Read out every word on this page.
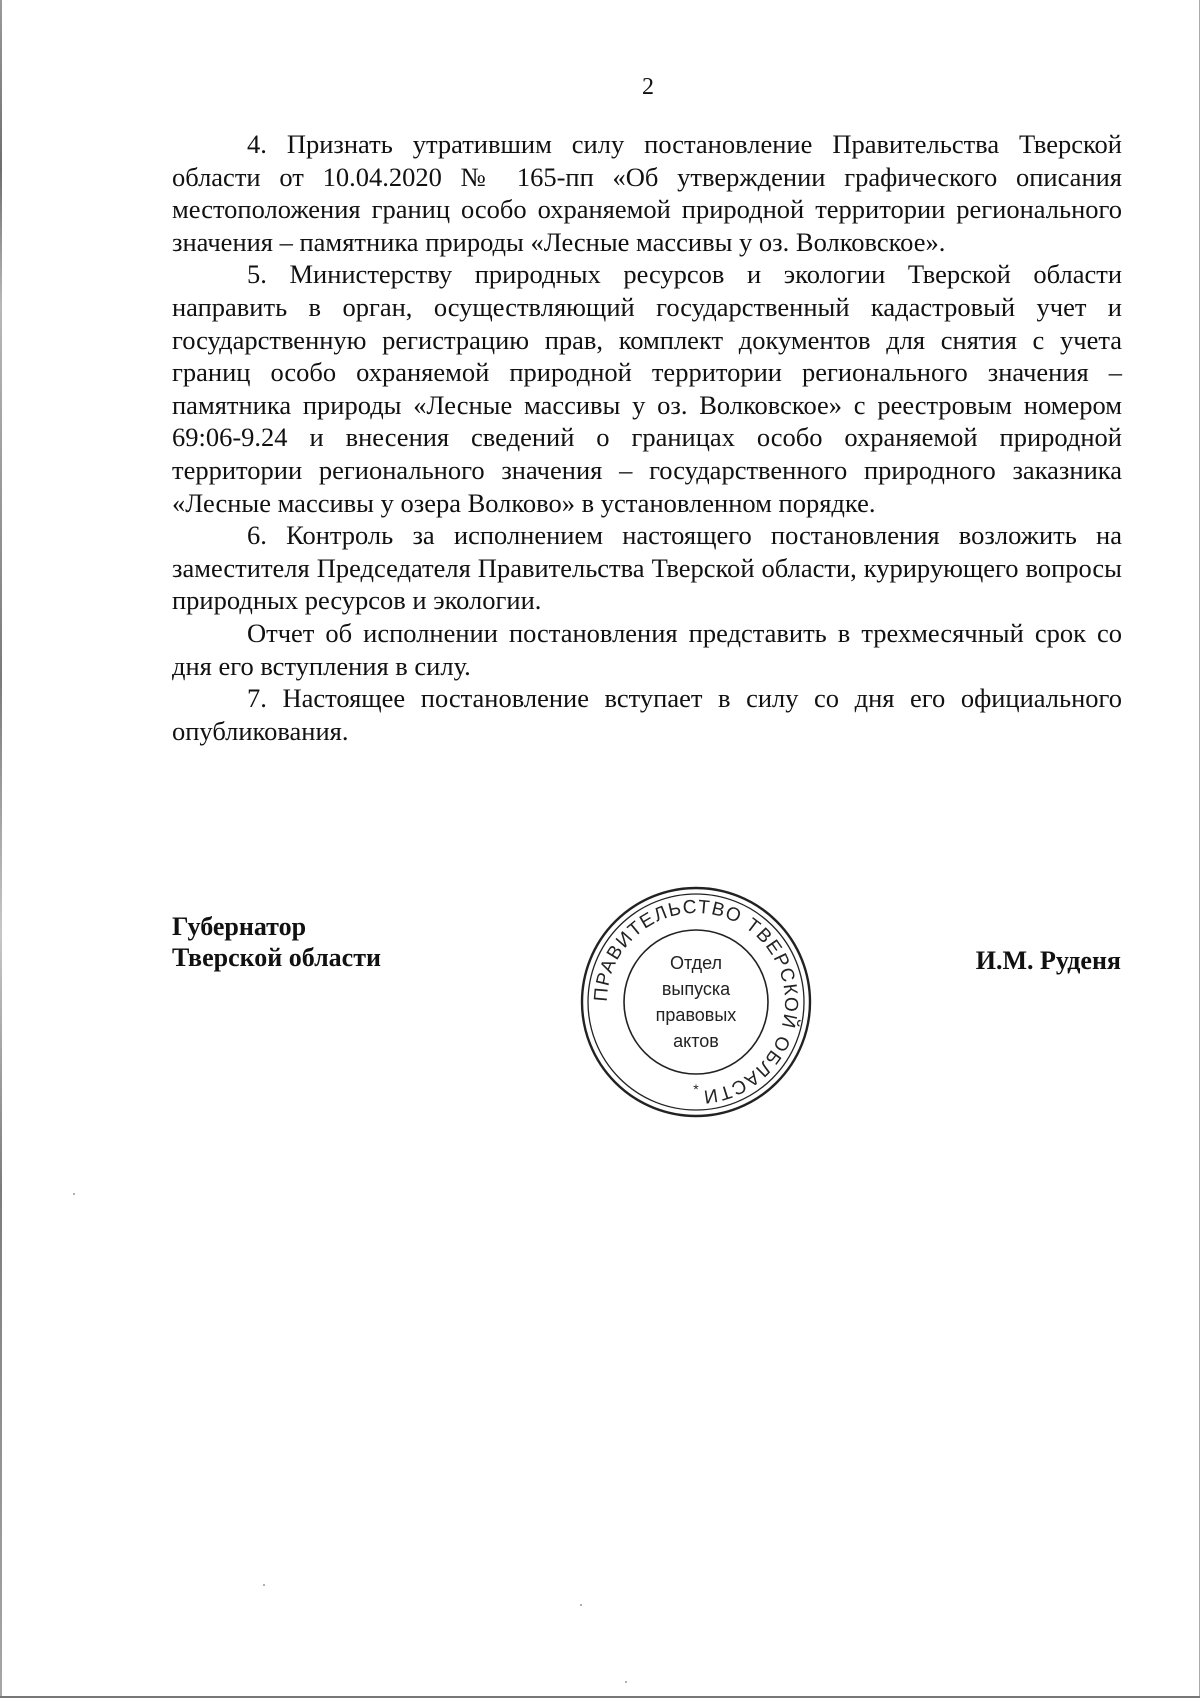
2

4. Признать утратившим силу постановление Правительства Тверской области от 10.04.2020 № 165-пп «Об утверждении графического описания местоположения границ особо охраняемой природной территории регионального значения – памятника природы «Лесные массивы у оз. Волковское».

5. Министерству природных ресурсов и экологии Тверской области направить в орган, осуществляющий государственный кадастровый учет и государственную регистрацию прав, комплект документов для снятия с учета границ особо охраняемой природной территории регионального значения – памятника природы «Лесные массивы у оз. Волковское» с реестровым номером 69:06-9.24 и внесения сведений о границах особо охраняемой природной территории регионального значения – государственного природного заказника «Лесные массивы у озера Волково» в установленном порядке.

6. Контроль за исполнением настоящего постановления возложить на заместителя Председателя Правительства Тверской области, курирующего вопросы природных ресурсов и экологии.

Отчет об исполнении постановления представить в трехмесячный срок со дня его вступления в силу.

7. Настоящее постановление вступает в силу со дня его официального опубликования.

Губернатор
Тверской области	И.М. Руденя
ПРАВИТЕЛЬСТВО ТВЕРСКОЙ ОБЛАСТИ
*
Отдел
выпуска
правовых
актов
